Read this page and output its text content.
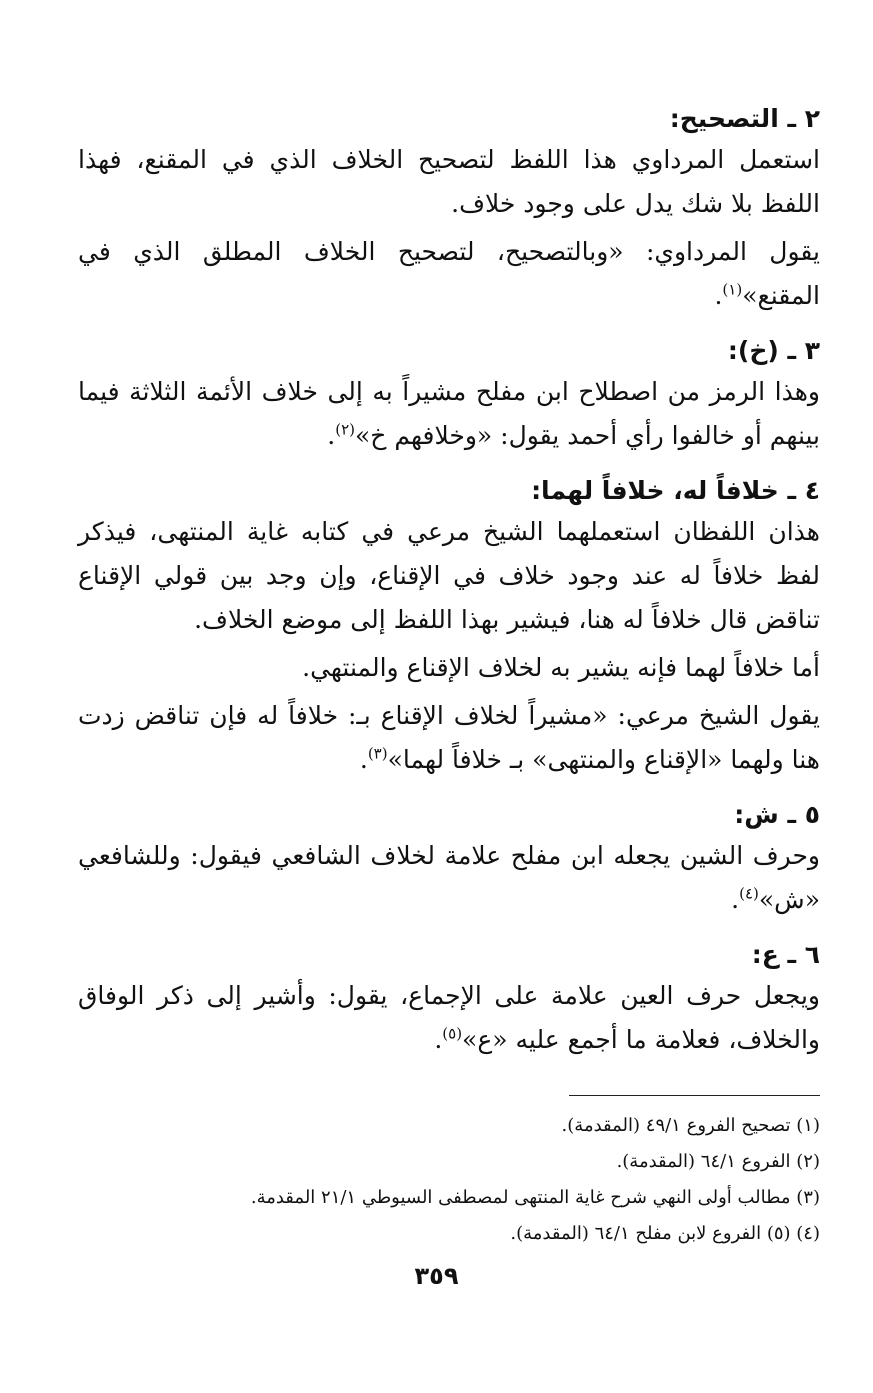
٢ ـ التصحيح:

استعمل المرداوي هذا اللفظ لتصحيح الخلاف الذي في المقنع، فهذا اللفظ بلا شك يدل على وجود خلاف.

يقول المرداوي: «وبالتصحيح، لتصحيح الخلاف المطلق الذي في المقنع»$^{(١)}$.

٣ ـ (خ):

وهذا الرمز من اصطلاح ابن مفلح مشيراً به إلى خلاف الأئمة الثلاثة فيما بينهم أو خالفوا رأي أحمد يقول: «وخلافهم خ»$^{(٢)}$.

٤ ـ خلافاً له، خلافاً لهما:

هذان اللفظان استعملهما الشيخ مرعي في كتابه غاية المنتهى، فيذكر لفظ خلافاً له عند وجود خلاف في الإقناع، وإن وجد بين قولي الإقناع تناقض قال خلافاً له هنا، فيشير بهذا اللفظ إلى موضع الخلاف.

أما خلافاً لهما فإنه يشير به لخلاف الإقناع والمنتهي.

يقول الشيخ مرعي: «مشيراً لخلاف الإقناع بـ: خلافاً له فإن تناقض زدت هنا ولهما «الإقناع والمنتهى» بـ خلافاً لهما»$^{(٣)}$.

٥ ـ ش:

وحرف الشين يجعله ابن مفلح علامة لخلاف الشافعي فيقول: وللشافعي «ش»$^{(٤)}$.

٦ ـ ع:

ويجعل حرف العين علامة على الإجماع، يقول: وأشير إلى ذكر الوفاق والخلاف، فعلامة ما أجمع عليه «ع»$^{(٥)}$.

(١) تصحيح الفروع ٤٩/١ (المقدمة).

(٢) الفروع ٦٤/١ (المقدمة).

(٣) مطالب أولى النهي شرح غاية المنتهى لمصطفى السيوطي ٢١/١ المقدمة.

(٤) (٥) الفروع لابن مفلح ٦٤/١ (المقدمة).

٣٥٩
